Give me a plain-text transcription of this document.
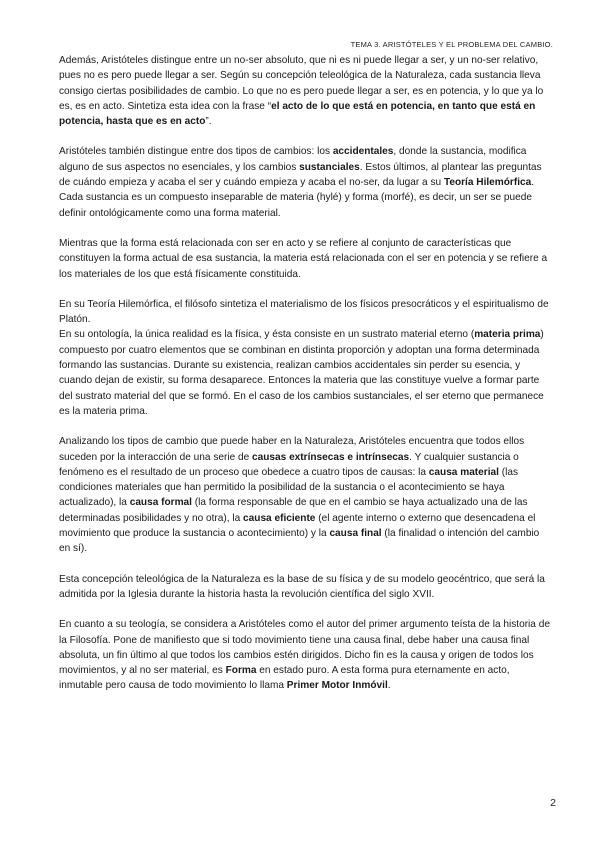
TEMA 3. ARISTÓTELES Y EL PROBLEMA DEL CAMBIO.

Además, Aristóteles distingue entre un no-ser absoluto, que ni es ni puede llegar a ser, y un no-ser relativo, pues no es pero puede llegar a ser. Según su concepción teleológica de la Naturaleza, cada sustancia lleva consigo ciertas posibilidades de cambio. Lo que no es pero puede llegar a ser, es en potencia, y lo que ya lo es, es en acto. Sintetiza esta idea con la frase “el acto de lo que está en potencia, en tanto que está en potencia, hasta que es en acto”.

Aristóteles también distingue entre dos tipos de cambios: los accidentales, donde la sustancia, modifica alguno de sus aspectos no esenciales, y los cambios sustanciales. Estos últimos, al plantear las preguntas de cuándo empieza y acaba el ser y cuándo empieza y acaba el no-ser, da lugar a su Teoría Hilemórfica. Cada sustancia es un compuesto inseparable de materia (hylé) y forma (morfé), es decir, un ser se puede definir ontológicamente como una forma material.

Mientras que la forma está relacionada con ser en acto y se refiere al conjunto de características que constituyen la forma actual de esa sustancia, la materia está relacionada con el ser en potencia y se refiere a los materiales de los que está físicamente constituida.

En su Teoría Hilemórfica, el filósofo sintetiza el materialismo de los físicos presocráticos y el espiritualismo de Platón.

En su ontología, la única realidad es la física, y ésta consiste en un sustrato material eterno (materia prima) compuesto por cuatro elementos que se combinan en distinta proporción y adoptan una forma determinada formando las sustancias. Durante su existencia, realizan cambios accidentales sin perder su esencia, y cuando dejan de existir, su forma desaparece. Entonces la materia que las constituye vuelve a formar parte del sustrato material del que se formó. En el caso de los cambios sustanciales, el ser eterno que permanece es la materia prima.

Analizando los tipos de cambio que puede haber en la Naturaleza, Aristóteles encuentra que todos ellos suceden por la interacción de una serie de causas extrínsecas e intrínsecas. Y cualquier sustancia o fenómeno es el resultado de un proceso que obedece a cuatro tipos de causas: la causa material (las condiciones materiales que han permitido la posibilidad de la sustancia o el acontecimiento se haya actualizado), la causa formal (la forma responsable de que en el cambio se haya actualizado una de las determinadas posibilidades y no otra), la causa eficiente (el agente interno o externo que desencadena el movimiento que produce la sustancia o acontecimiento) y la causa final (la finalidad o intención del cambio en sí).

Esta concepción teleológica de la Naturaleza es la base de su física y de su modelo geocéntrico, que será la admitida por la Iglesia durante la historia hasta la revolución científica del siglo XVII.

En cuanto a su teología, se considera a Aristóteles como el autor del primer argumento teísta de la historia de la Filosofía. Pone de manifiesto que si todo movimiento tiene una causa final, debe haber una causa final absoluta, un fin último al que todos los cambios estén dirigidos. Dicho fin es la causa y origen de todos los movimientos, y al no ser material, es Forma en estado puro. A esta forma pura eternamente en acto, inmutable pero causa de todo movimiento lo llama Primer Motor Inmóvil.

2
